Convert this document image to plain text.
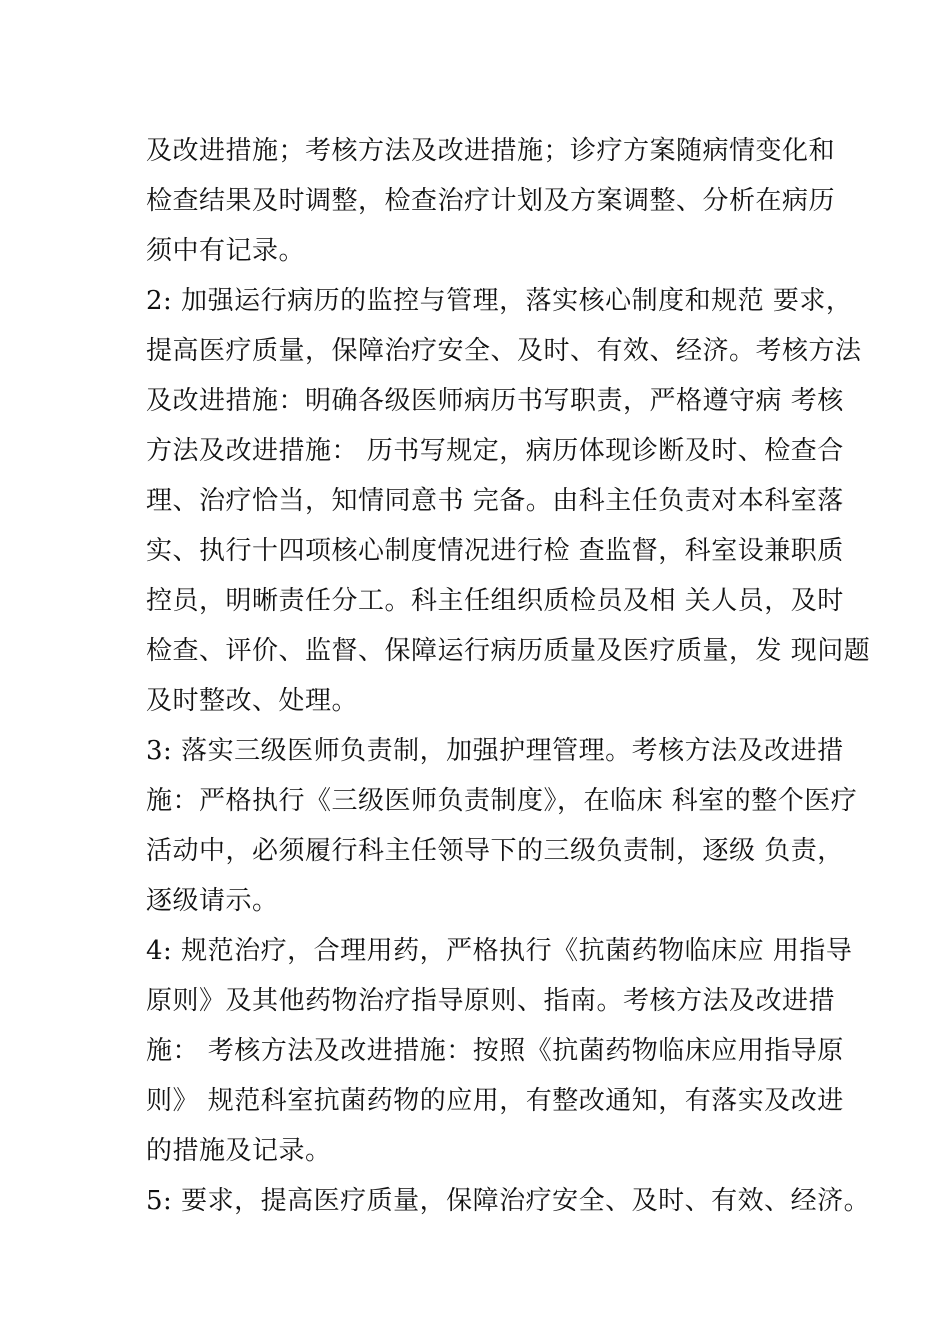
及改进措施；考核方法及改进措施；诊疗方案随病情变化和
检查结果及时调整，检查治疗计划及方案调整、分析在病历
须中有记录。
2: 加强运行病历的监控与管理，落实核心制度和规范 要求，
提高医疗质量，保障治疗安全、及时、有效、经济。考核方法
及改进措施：明确各级医师病历书写职责，严格遵守病 考核
方法及改进措施： 历书写规定，病历体现诊断及时、检查合
理、治疗恰当，知情同意书 完备。由科主任负责对本科室落
实、执行十四项核心制度情况进行检 查监督，科室设兼职质
控员，明晰责任分工。科主任组织质检员及相 关人员，及时
检查、评价、监督、保障运行病历质量及医疗质量，发 现问题
及时整改、处理。
3: 落实三级医师负责制，加强护理管理。考核方法及改进措
施：严格执行《三级医师负责制度》，在临床 科室的整个医疗
活动中，必须履行科主任领导下的三级负责制，逐级 负责，
逐级请示。
4: 规范治疗，合理用药，严格执行《抗菌药物临床应 用指导
原则》及其他药物治疗指导原则、指南。考核方法及改进措
施： 考核方法及改进措施：按照《抗菌药物临床应用指导原
则》 规范科室抗菌药物的应用，有整改通知，有落实及改进
的措施及记录。
5: 要求，提高医疗质量，保障治疗安全、及时、有效、经济。
